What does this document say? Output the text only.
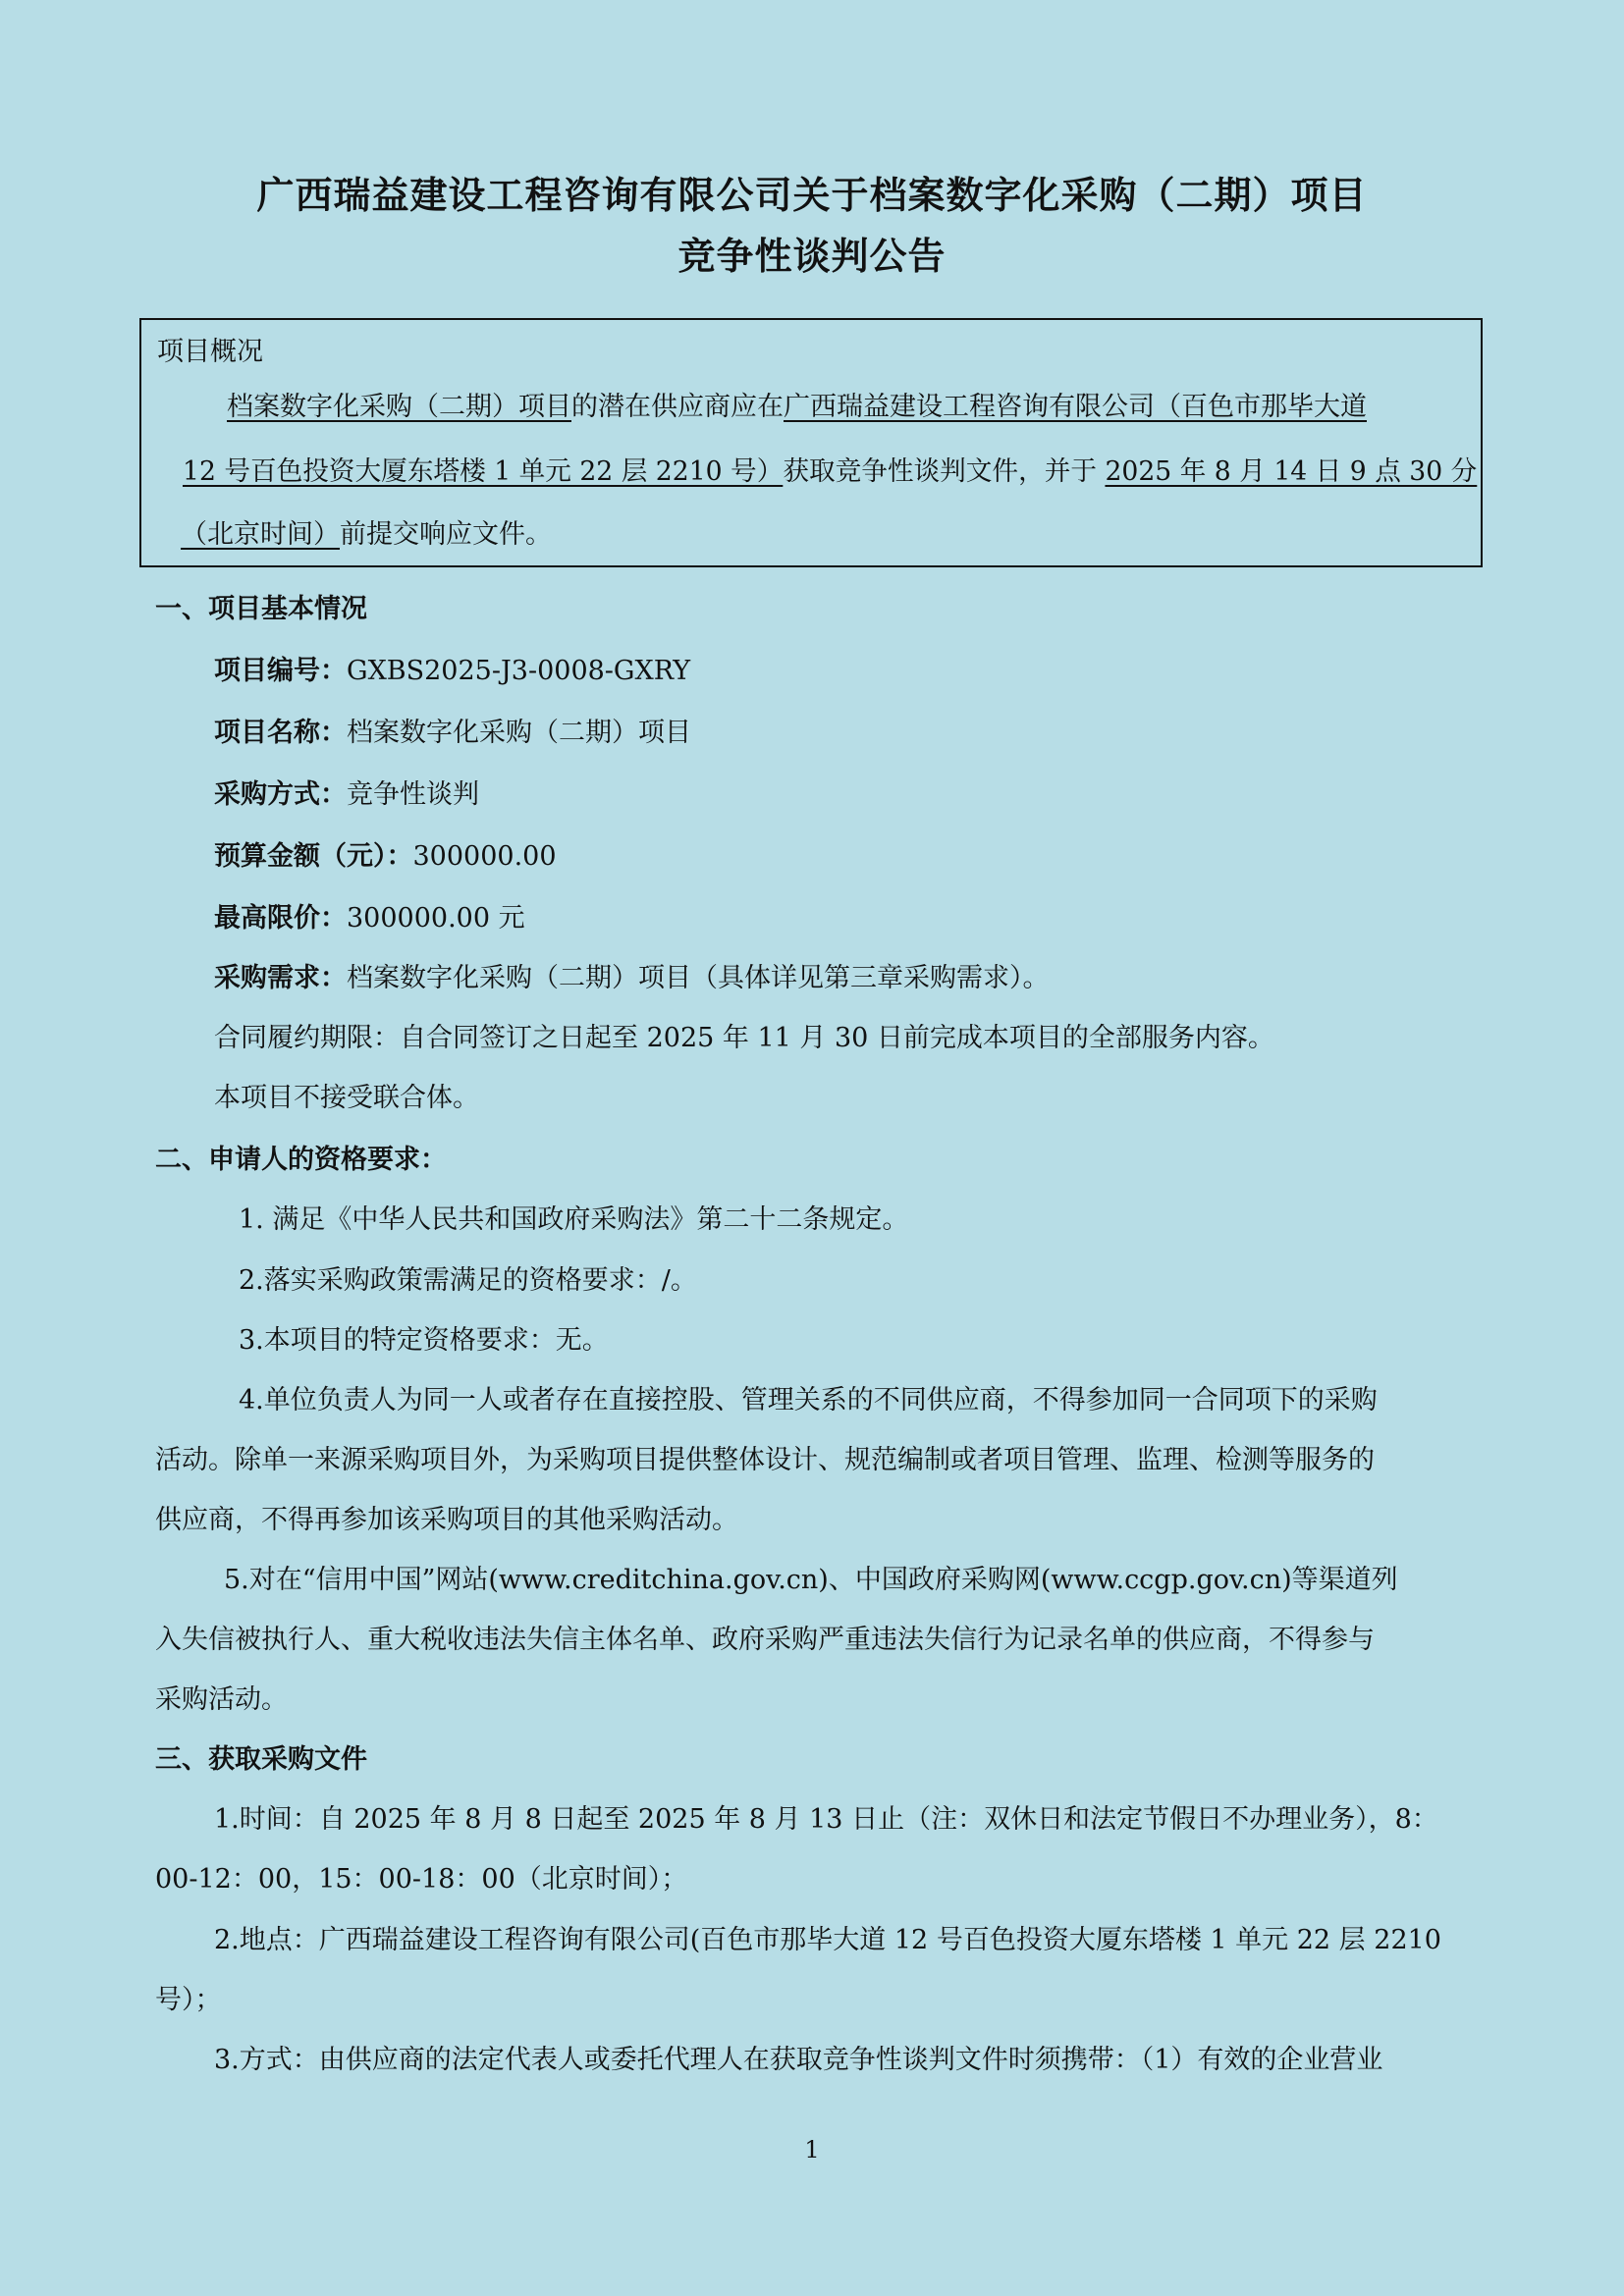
广西瑞益建设工程咨询有限公司关于档案数字化采购（二期）项目
竞争性谈判公告
项目概况
档案数字化采购（二期）项目的潜在供应商应在广西瑞益建设工程咨询有限公司（百色市那毕大道
12 号百色投资大厦东塔楼 1 单元 22 层 2210 号）获取竞争性谈判文件，并于 2025 年 8 月 14 日 9 点 30 分
（北京时间）前提交响应文件。
一、项目基本情况
项目编号：GXBS2025-J3-0008-GXRY
项目名称：档案数字化采购（二期）项目
采购方式：竞争性谈判
预算金额（元）：300000.00
最高限价：300000.00 元
采购需求：档案数字化采购（二期）项目（具体详见第三章采购需求）。
合同履约期限：自合同签订之日起至 2025 年 11 月 30 日前完成本项目的全部服务内容。
本项目不接受联合体。
二、申请人的资格要求：
1. 满足《中华人民共和国政府采购法》第二十二条规定。
2.落实采购政策需满足的资格要求：/。
3.本项目的特定资格要求：无。
4.单位负责人为同一人或者存在直接控股、管理关系的不同供应商，不得参加同一合同项下的采购
活动。除单一来源采购项目外，为采购项目提供整体设计、规范编制或者项目管理、监理、检测等服务的
供应商，不得再参加该采购项目的其他采购活动。
5.对在“信用中国”网站(www.creditchina.gov.cn)、中国政府采购网(www.ccgp.gov.cn)等渠道列
入失信被执行人、重大税收违法失信主体名单、政府采购严重违法失信行为记录名单的供应商，不得参与
采购活动。
三、获取采购文件
1.时间：自 2025 年 8 月 8 日起至 2025 年 8 月 13 日止（注：双休日和法定节假日不办理业务），8：
00-12：00，15：00-18：00（北京时间）；
2.地点：广西瑞益建设工程咨询有限公司(百色市那毕大道 12 号百色投资大厦东塔楼 1 单元 22 层 2210
号）；
3.方式：由供应商的法定代表人或委托代理人在获取竞争性谈判文件时须携带：（1）有效的企业营业
1
